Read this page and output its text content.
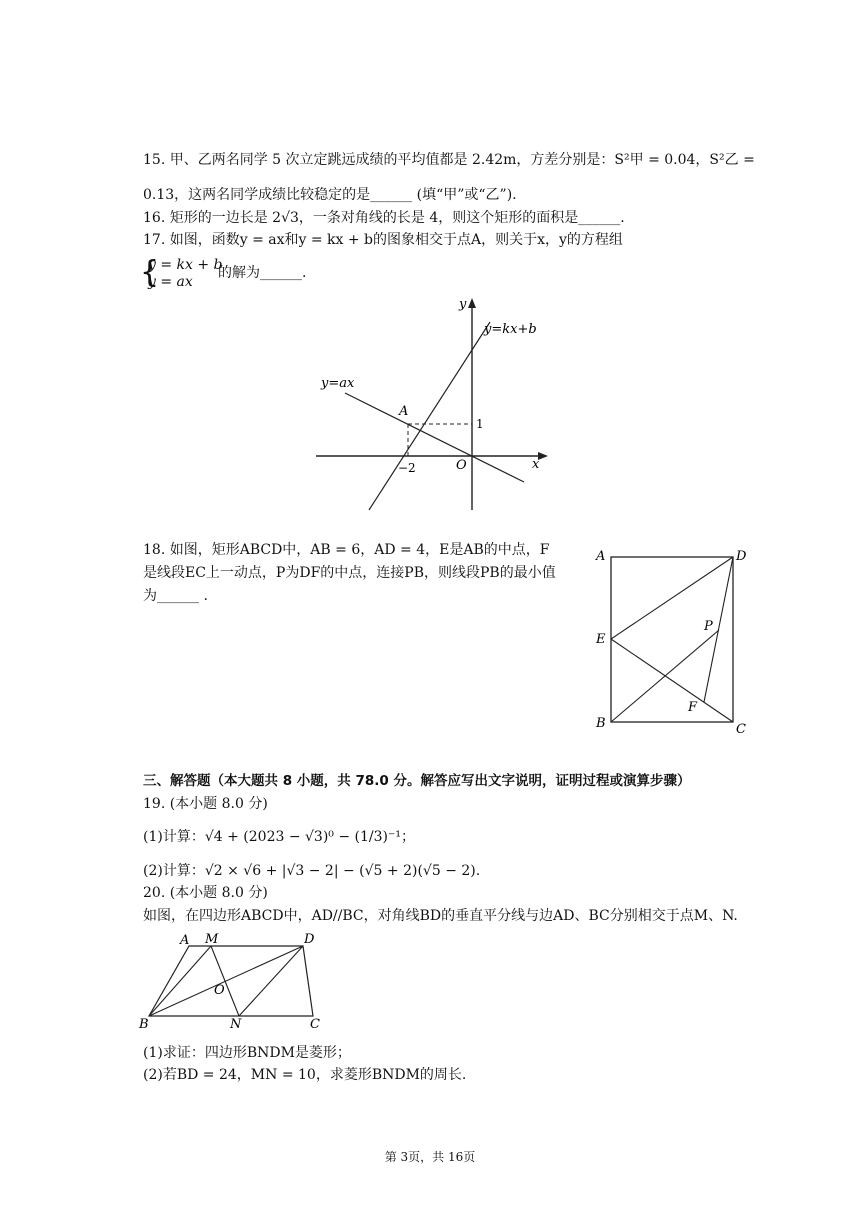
15. 甲、乙两名同学 5 次立定跳远成绩的平均值都是 2.42m，方差分别是：S²甲 = 0.04，S²乙 =
0.13，这两名同学成绩比较稳定的是______ (填“甲”或“乙”).
16. 矩形的一边长是 2√3，一条对角线的长是 4，则这个矩形的面积是______.
17. 如图，函数y = ax和y = kx + b的图象相交于点A，则关于x，y的方程组
{
y = kx + b
y = ax
的解为______.
y
x
O
y=kx+b
y=ax
A
−2
1
18. 如图，矩形ABCD中，AB = 6，AD = 4，E是AB的中点，F
是线段EC上一动点，P为DF的中点，连接PB，则线段PB的最小值
为______ .
A	D
E
P
F
B	C
三、解答题（本大题共 8 小题，共 78.0 分。解答应写出文字说明，证明过程或演算步骤）
19. (本小题 8.0 分)
(1)计算：√4 + (2023 − √3)⁰ − (1/3)⁻¹；
(2)计算：√2 × √6 + |√3 − 2| − (√5 + 2)(√5 − 2).
20. (本小题 8.0 分)
如图，在四边形ABCD中，AD//BC，对角线BD的垂直平分线与边AD、BC分别相交于点M、N.
A M	D
O
B	N	C
(1)求证：四边形BNDM是菱形；
(2)若BD = 24，MN = 10，求菱形BNDM的周长.
第 3页，共 16页
